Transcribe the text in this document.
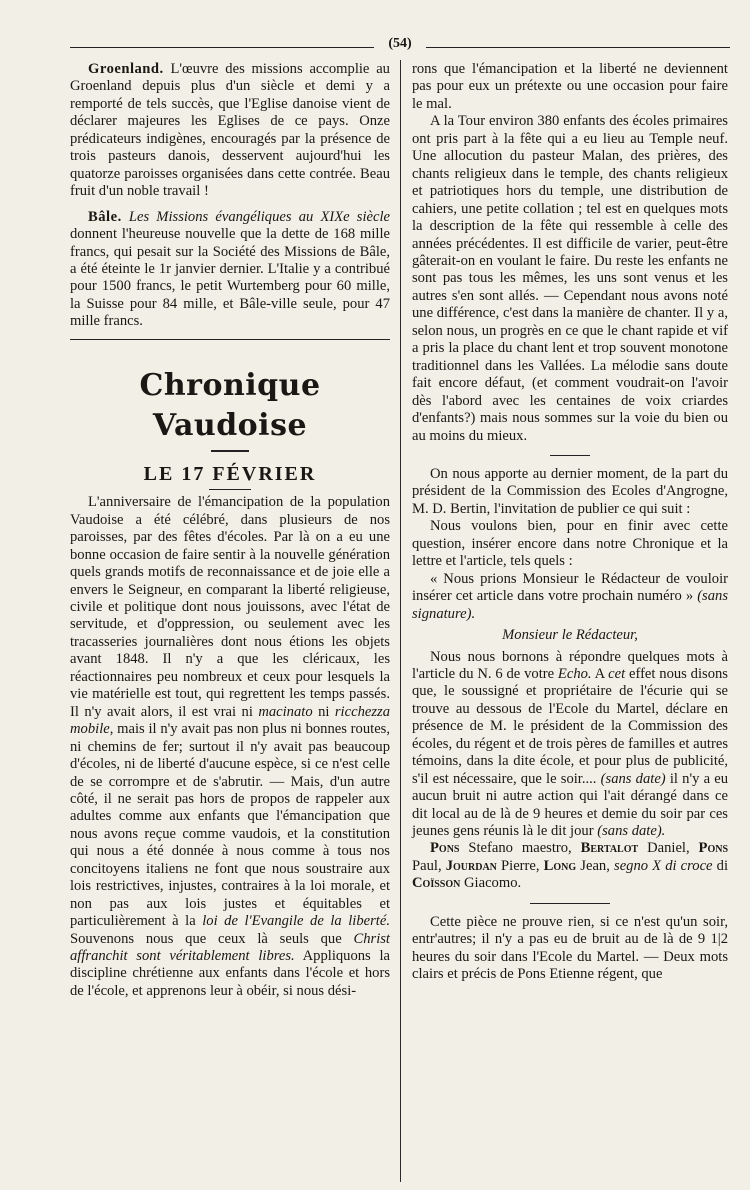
(54)

Groenland. L'œuvre des missions accomplie au Groenland depuis plus d'un siècle et demi y a remporté de tels succès, que l'Eglise danoise vient de déclarer majeures les Eglises de ce pays. Onze prédicateurs indigènes, encouragés par la présence de trois pasteurs danois, desservent aujourd'hui les quatorze paroisses organisées dans cette contrée. Beau fruit d'un noble travail !

Bâle. Les Missions évangéliques au XIXe siècle donnent l'heureuse nouvelle que la dette de 168 mille francs, qui pesait sur la Société des Missions de Bâle, a été éteinte le 1r janvier dernier. L'Italie y a contribué pour 1500 francs, le petit Wurtemberg pour 60 mille, la Suisse pour 84 mille, et Bâle-ville seule, pour 47 mille francs.

Chronique Vaudoise
LE 17 FÉVRIER

L'anniversaire de l'émancipation de la population Vaudoise a été célébré, dans plusieurs de nos paroisses, par des fêtes d'écoles. Par là on a eu une bonne occasion de faire sentir à la nouvelle génération quels grands motifs de reconnaissance et de joie elle a envers le Seigneur, en comparant la liberté religieuse, civile et politique dont nous jouissons, avec l'état de servitude, et d'oppression, ou seulement avec les tracasseries journalières dont nous étions les objets avant 1848. Il n'y a que les cléricaux, les réactionnaires peu nombreux et ceux pour lesquels la vie matérielle est tout, qui regrettent les temps passés. Il n'y avait alors, il est vrai ni macinato ni ricchezza mobile, mais il n'y avait pas non plus ni bonnes routes, ni chemins de fer; surtout il n'y avait pas beaucoup d'écoles, ni de liberté d'aucune espèce, si ce n'est celle de se corrompre et de s'abrutir. — Mais, d'un autre côté, il ne serait pas hors de propos de rappeler aux adultes comme aux enfants que l'émancipation que nous avons reçue comme vaudois, et la constitution qui nous a été donnée à nous comme à tous nos concitoyens italiens ne font que nous soustraire aux lois restrictives, injustes, contraires à la loi morale, et non pas aux lois justes et équitables et particulièrement à la loi de l'Evangile de la liberté. Souvenons nous que ceux là seuls que Christ affranchit sont véritablement libres. Appliquons la discipline chrétienne aux enfants dans l'école et hors de l'école, et apprenons leur à obéir, si nous dési-

rons que l'émancipation et la liberté ne deviennent pas pour eux un prétexte ou une occasion pour faire le mal.

A la Tour environ 380 enfants des écoles primaires ont pris part à la fête qui a eu lieu au Temple neuf. Une allocution du pasteur Malan, des prières, des chants religieux dans le temple, des chants religieux et patriotiques hors du temple, une distribution de cahiers, une petite collation ; tel est en quelques mots la description de la fête qui ressemble à celle des années précédentes. Il est difficile de varier, peut-être gâterait-on en voulant le faire. Du reste les enfants ne sont pas tous les mêmes, les uns sont venus et les autres s'en sont allés. — Cependant nous avons noté une différence, c'est dans la manière de chanter. Il y a, selon nous, un progrès en ce que le chant rapide et vif a pris la place du chant lent et trop souvent monotone traditionnel dans les Vallées. La mélodie sans doute fait encore défaut, (et comment voudrait-on l'avoir dès l'abord avec les centaines de voix criardes d'enfants?) mais nous sommes sur la voie du bien ou au moins du mieux.

On nous apporte au dernier moment, de la part du président de la Commission des Ecoles d'Angrogne, M. D. Bertin, l'invitation de publier ce qui suit :

Nous voulons bien, pour en finir avec cette question, insérer encore dans notre Chronique et la lettre et l'article, tels quels :

« Nous prions Monsieur le Rédacteur de vouloir insérer cet article dans votre prochain numéro » (sans signature).

Monsieur le Rédacteur,

Nous nous bornons à répondre quelques mots à l'article du N. 6 de votre Echo. A cet effet nous disons que, le soussigné et propriétaire de l'écurie qui se trouve au dessous de l'Ecole du Martel, déclare en présence de M. le président de la Commission des écoles, du régent et de trois pères de familles et autres témoins, dans la dite école, et pour plus de publicité, s'il est nécessaire, que le soir.... (sans date) il n'y a eu aucun bruit ni autre action qui l'ait dérangé dans ce dit local au de là de 9 heures et demie du soir par ces jeunes gens réunis là le dit jour (sans date).

Pons Stefano maestro, Bertalot Daniel, Pons Paul, Jourdan Pierre, Long Jean, segno X di croce di Coïsson Giacomo.

Cette pièce ne prouve rien, si ce n'est qu'un soir, entr'autres; il n'y a pas eu de bruit au de là de 9 1|2 heures du soir dans l'Ecole du Martel. — Deux mots clairs et précis de Pons Etienne régent, que
